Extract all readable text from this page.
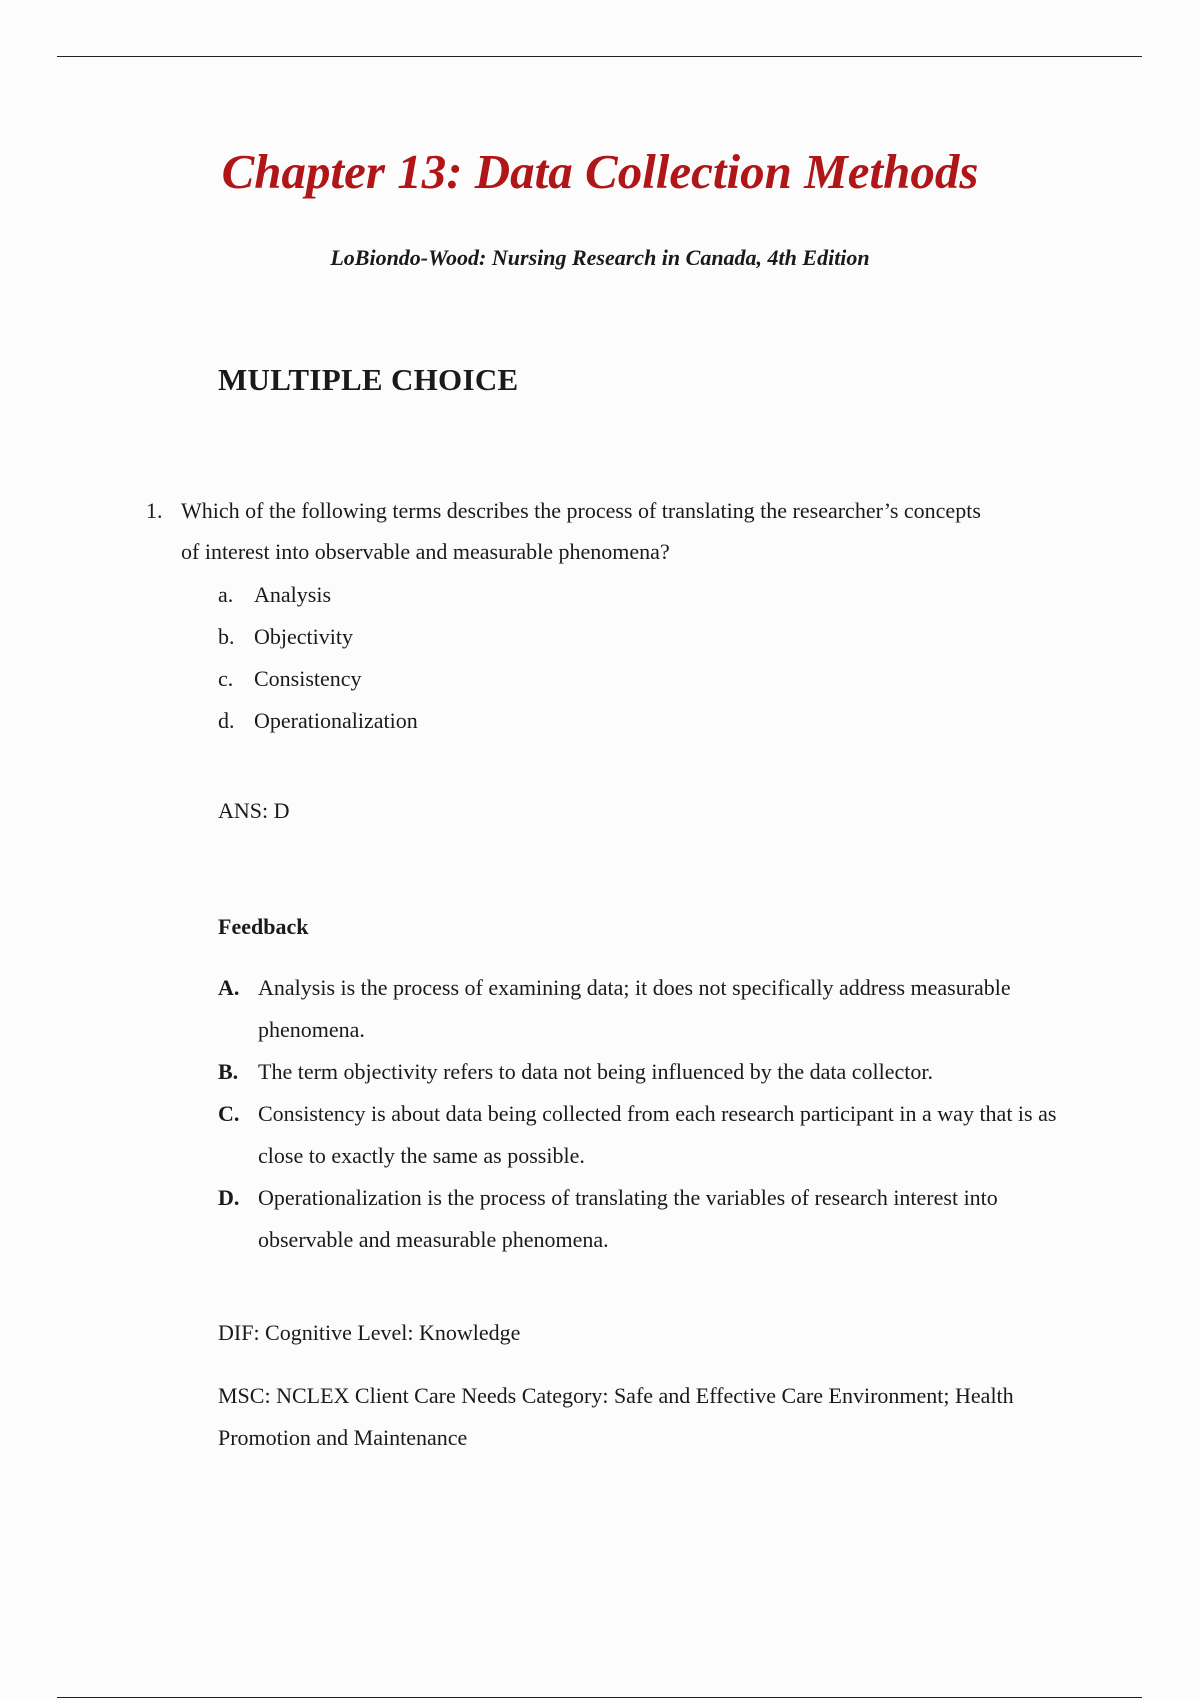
Chapter 13: Data Collection Methods
LoBiondo-Wood: Nursing Research in Canada, 4th Edition
MULTIPLE CHOICE
1. Which of the following terms describes the process of translating the researcher’s concepts of interest into observable and measurable phenomena?
a. Analysis
b. Objectivity
c. Consistency
d. Operationalization
ANS: D
Feedback
A. Analysis is the process of examining data; it does not specifically address measurable phenomena.
B. The term objectivity refers to data not being influenced by the data collector.
C. Consistency is about data being collected from each research participant in a way that is as close to exactly the same as possible.
D. Operationalization is the process of translating the variables of research interest into observable and measurable phenomena.
DIF: Cognitive Level: Knowledge
MSC: NCLEX Client Care Needs Category: Safe and Effective Care Environment; Health Promotion and Maintenance
